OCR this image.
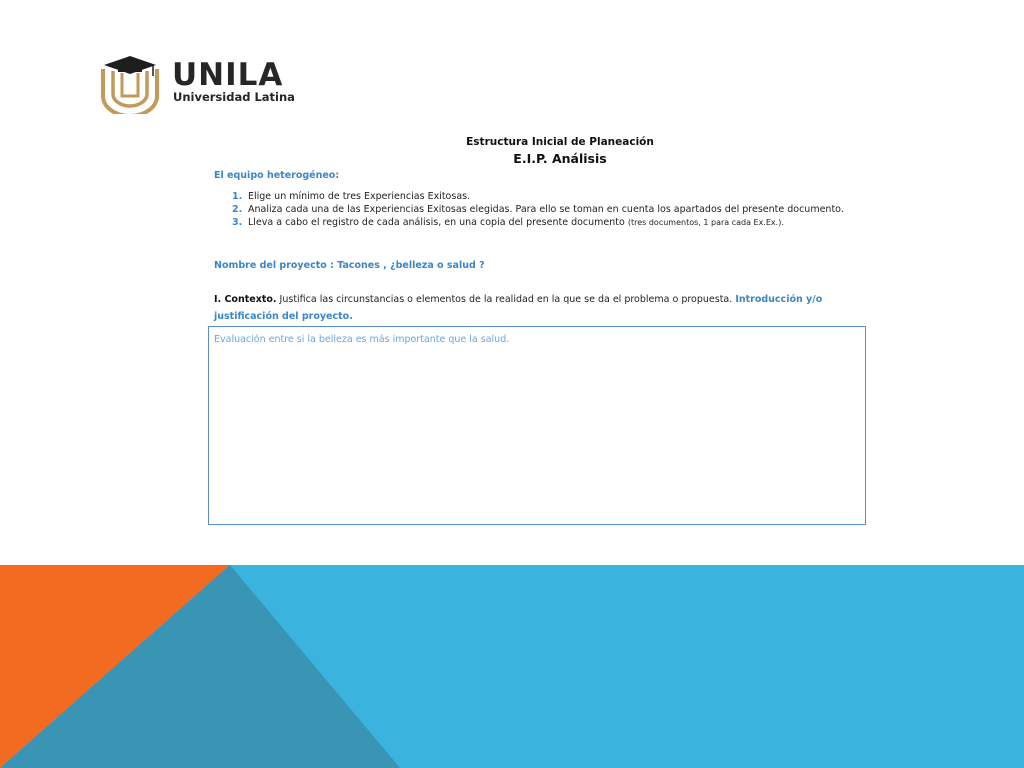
UNILA
Universidad Latina
Estructura Inicial de Planeación
E.I.P. Análisis
El equipo heterogéneo:
1. Elige un mínimo de tres Experiencias Exitosas.
2. Analiza cada una de las Experiencias Exitosas elegidas. Para ello se toman en cuenta los apartados del presente documento.
3. Lleva a cabo el registro de cada análisis, en una copia del presente documento (tres documentos, 1 para cada Ex.Ex.).
Nombre del proyecto : Tacones , ¿belleza o salud ?
I. Contexto. Justifica las circunstancias o elementos de la realidad en la que se da el problema o propuesta. Introducción y/o justificación del proyecto.
Evaluación entre si la belleza es más importante que la salud.
